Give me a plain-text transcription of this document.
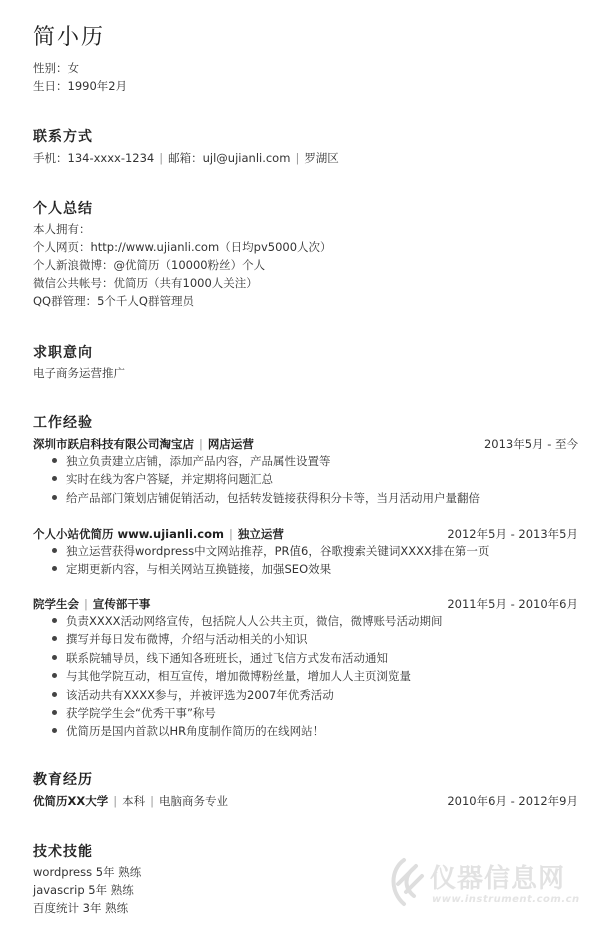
简小历
性别：女
生日：1990年2月
联系方式
手机：134-xxxx-1234 | 邮箱：ujl@ujianli.com | 罗湖区
个人总结
本人拥有：
个人网页：http://www.ujianli.com（日均pv5000人次）
个人新浪微博：@优简历（10000粉丝）个人
微信公共帐号：优简历（共有1000人关注）
QQ群管理：5个千人Q群管理员
求职意向
电子商务运营推广
工作经验
深圳市跃启科技有限公司淘宝店 | 网店运营	2013年5月 - 至今
独立负责建立店铺，添加产品内容，产品属性设置等
实时在线为客户答疑，并定期将问题汇总
给产品部门策划店铺促销活动，包括转发链接获得积分卡等，当月活动用户量翻倍
个人小站优简历 www.ujianli.com | 独立运营	2012年5月 - 2013年5月
独立运营获得wordpress中文网站推荐，PR值6，谷歌搜索关键词XXXX排在第一页
定期更新内容，与相关网站互换链接，加强SEO效果
院学生会 | 宣传部干事	2011年5月 - 2010年6月
负责XXXX活动网络宣传，包括院人人公共主页，微信，微博账号活动期间
撰写并每日发布微博，介绍与活动相关的小知识
联系院辅导员，线下通知各班班长，通过飞信方式发布活动通知
与其他学院互动，相互宣传，增加微博粉丝量，增加人人主页浏览量
该活动共有XXXX参与，并被评选为2007年优秀活动
获学院学生会“优秀干事”称号
优简历是国内首款以HR角度制作简历的在线网站！
教育经历
优简历XX大学 | 本科 | 电脑商务专业	2010年6月 - 2012年9月
技术技能
wordpress 5年 熟练
javascrip 5年 熟练
百度统计 3年 熟练
仪器信息网
www.instrument.com.cn
